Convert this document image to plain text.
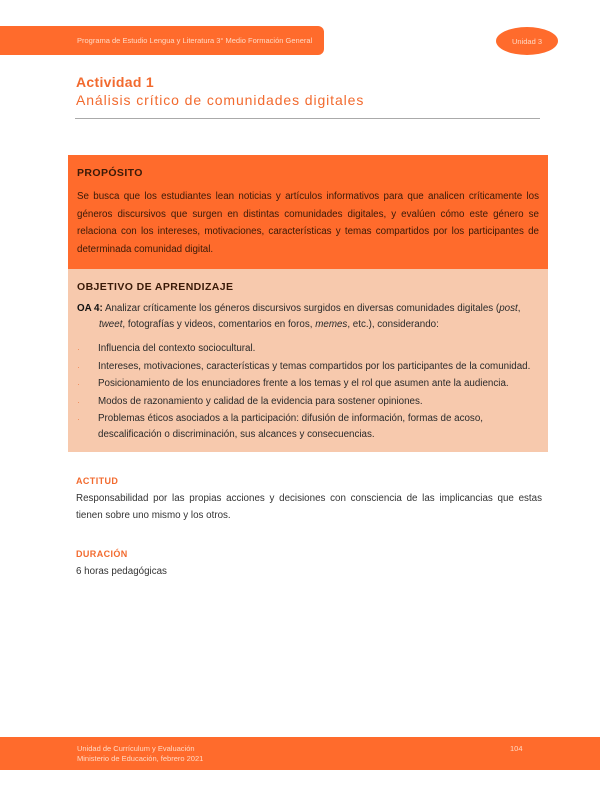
Programa de Estudio Lengua y Literatura 3° Medio Formación General	Unidad 3
Actividad 1
Análisis crítico de comunidades digitales
PROPÓSITO
Se busca que los estudiantes lean noticias y artículos informativos para que analicen críticamente los géneros discursivos que surgen en distintas comunidades digitales, y evalúen cómo este género se relaciona con los intereses, motivaciones, características y temas compartidos por los participantes de determinada comunidad digital.
OBJETIVO DE APRENDIZAJE
OA 4: Analizar críticamente los géneros discursivos surgidos en diversas comunidades digitales (post,
tweet, fotografías y videos, comentarios en foros, memes, etc.), considerando:
· Influencia del contexto sociocultural.
· Intereses, motivaciones, características y temas compartidos por los participantes de la comunidad.
· Posicionamiento de los enunciadores frente a los temas y el rol que asumen ante la audiencia.
· Modos de razonamiento y calidad de la evidencia para sostener opiniones.
· Problemas éticos asociados a la participación: difusión de información, formas de acoso, descalificación o discriminación, sus alcances y consecuencias.
ACTITUD
Responsabilidad por las propias acciones y decisiones con consciencia de las implicancias que estas tienen sobre uno mismo y los otros.
DURACIÓN
6 horas pedagógicas
Unidad de Currículum y Evaluación
Ministerio de Educación, febrero 2021
104
